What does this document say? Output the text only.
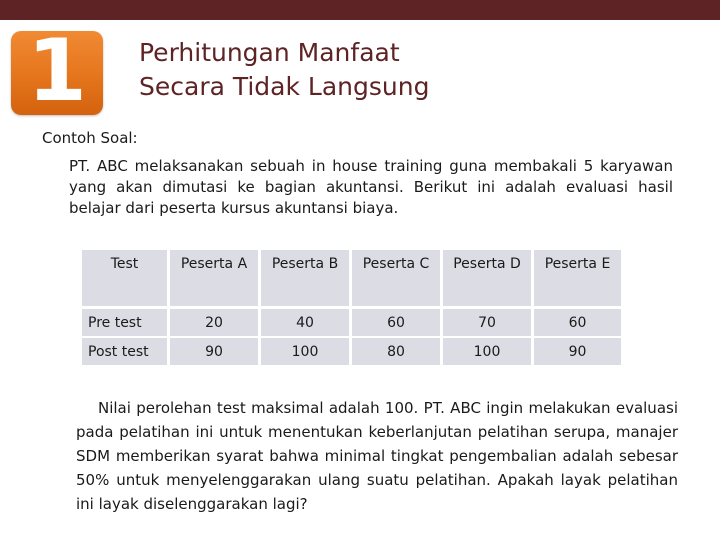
1 Perhitungan Manfaat
Secara Tidak Langsung
Contoh Soal:
PT. ABC melaksanakan sebuah in house training guna membakali 5 karyawan yang akan dimutasi ke bagian akuntansi. Berikut ini adalah evaluasi hasil belajar dari peserta kursus akuntansi biaya.
Test	Peserta A	Peserta B	Peserta C	Peserta D	Peserta E
Pre test	20	40	60	70	60
Post test	90	100	80	100	90
Nilai perolehan test maksimal adalah 100. PT. ABC ingin melakukan evaluasi pada pelatihan ini untuk menentukan keberlanjutan pelatihan serupa, manajer SDM memberikan syarat bahwa minimal tingkat pengembalian adalah sebesar 50% untuk menyelenggarakan ulang suatu pelatihan. Apakah layak pelatihan ini layak diselenggarakan lagi?
